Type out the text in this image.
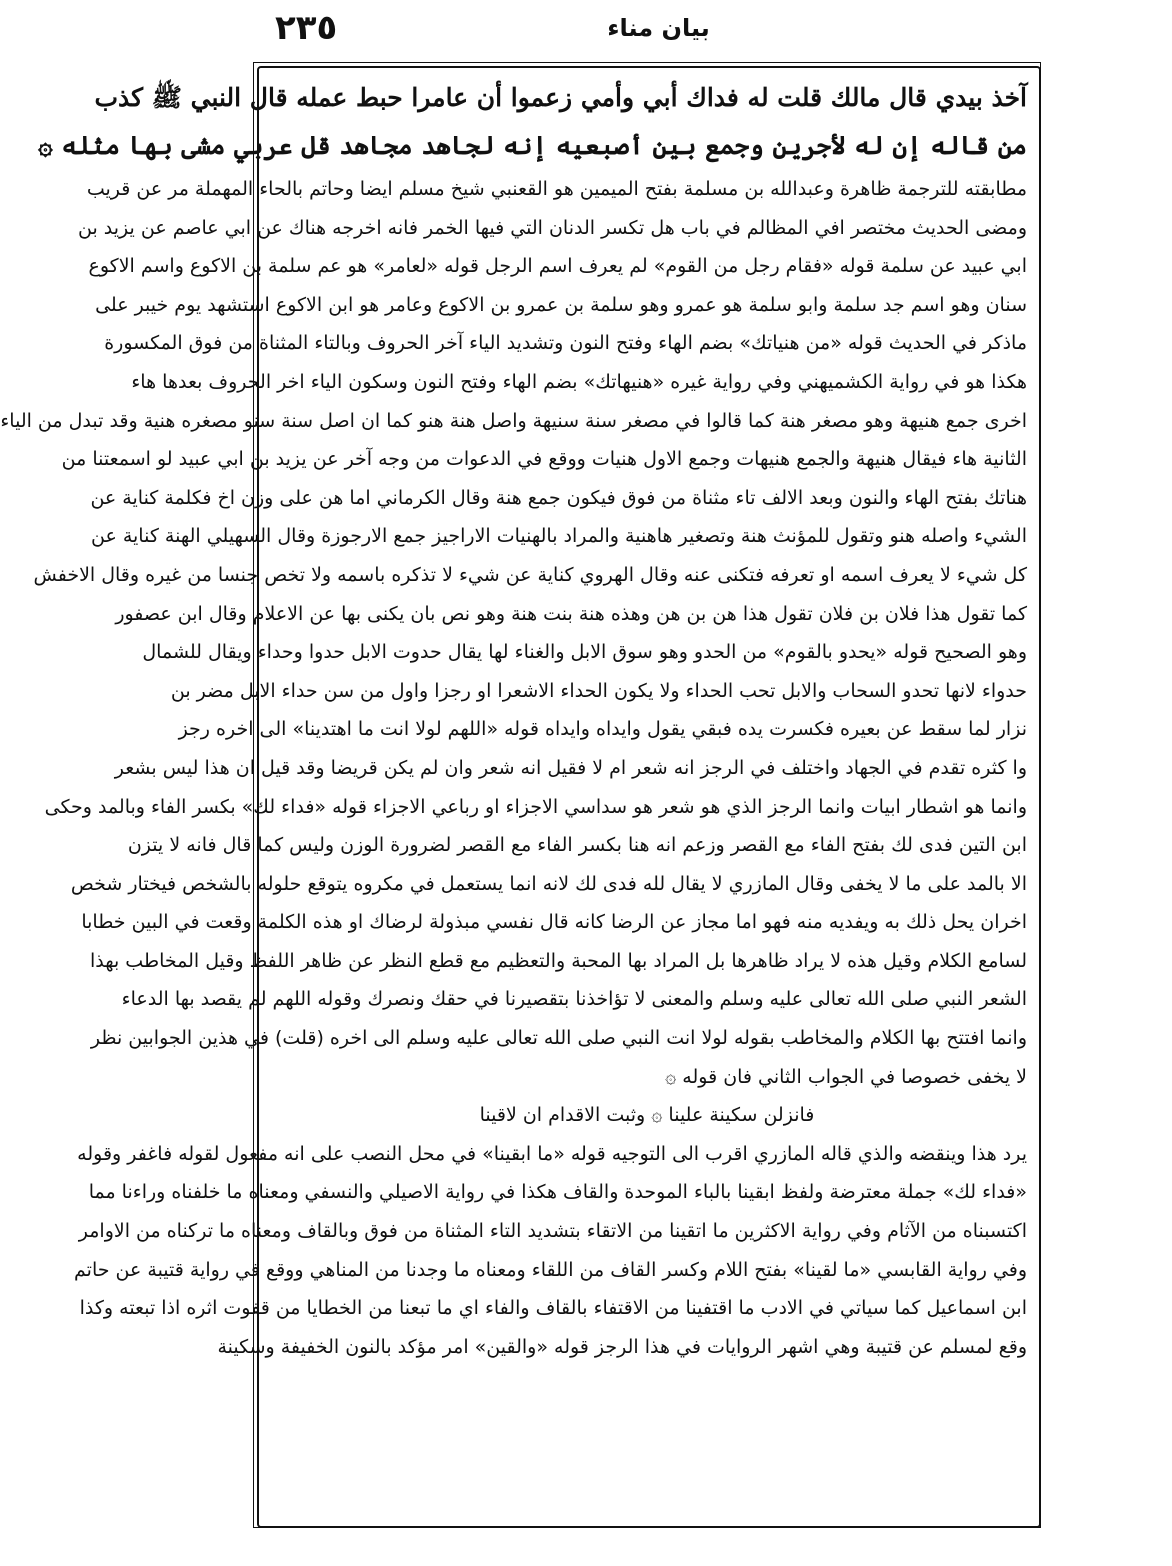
٢٣٥	بيان مناء
آخذ بيدي قال مالك قلت له فداك أبي وأمي زعموا أن عامرا حبط عمله قال النبي ﷺ كذب
من قاله إن له لأجرين وجمع بين أصبعيه إنه لجاهد مجاهد قل عربي مشى بها مثله ۞
مطابقته للترجمة ظاهرة وعبدالله بن مسلمة بفتح الميمين هو القعنبي شيخ مسلم ايضا وحاتم بالحاء المهملة مر عن قريب
ومضى الحديث مختصر افي المظالم في باب هل تكسر الدنان التي فيها الخمر فانه اخرجه هناك عن ابي عاصم عن يزيد بن
ابي عبيد عن سلمة قوله «فقام رجل من القوم» لم يعرف اسم الرجل قوله «لعامر» هو عم سلمة بن الاكوع واسم الاكوع
سنان وهو اسم جد سلمة وابو سلمة هو عمرو وهو سلمة بن عمرو بن الاكوع وعامر هو ابن الاكوع استشهد يوم خيبر على
ماذكر في الحديث قوله «من هنياتك» بضم الهاء وفتح النون وتشديد الياء آخر الحروف وبالتاء المثناة من فوق المكسورة
هكذا هو في رواية الكشميهني وفي رواية غيره «هنيهاتك» بضم الهاء وفتح النون وسكون الياء اخر الحروف بعدها هاء
اخرى جمع هنيهة وهو مصغر هنة كما قالوا في مصغر سنة سنيهة واصل هنة هنو كما ان اصل سنة سنو مصغره هنية وقد تبدل من الياء
الثانية هاء فيقال هنيهة والجمع هنيهات وجمع الاول هنيات ووقع في الدعوات من وجه آخر عن يزيد بن ابي عبيد لو اسمعتنا من
هناتك بفتح الهاء والنون وبعد الالف تاء مثناة من فوق فيكون جمع هنة وقال الكرماني اما هن على وزن اخ فكلمة كناية عن
الشيء واصله هنو وتقول للمؤنث هنة وتصغير هاهنية والمراد بالهنيات الاراجيز جمع الارجوزة وقال السهيلي الهنة كناية عن
كل شيء لا يعرف اسمه او تعرفه فتكنى عنه وقال الهروي كناية عن شيء لا تذكره باسمه ولا تخص جنسا من غيره وقال الاخفش
كما تقول هذا فلان بن فلان تقول هذا هن بن هن وهذه هنة بنت هنة وهو نص بان يكنى بها عن الاعلام وقال ابن عصفور
وهو الصحيح قوله «يحدو بالقوم» من الحدو وهو سوق الابل والغناء لها يقال حدوت الابل حدوا وحداء ويقال للشمال
حدواء لانها تحدو السحاب والابل تحب الحداء ولا يكون الحداء الاشعرا او رجزا واول من سن حداء الابل مضر بن
نزار لما سقط عن بعيره فكسرت يده فبقي يقول وايداه وايداه قوله «اللهم لولا انت ما اهتدينا» الى اخره رجز
وا كثره تقدم في الجهاد واختلف في الرجز انه شعر ام لا فقيل انه شعر وان لم يكن قريضا وقد قيل ان هذا ليس بشعر
وانما هو اشطار ابيات وانما الرجز الذي هو شعر هو سداسي الاجزاء او رباعي الاجزاء قوله «فداء لك» بكسر الفاء وبالمد وحكى
ابن التين فدى لك بفتح الفاء مع القصر وزعم انه هنا بكسر الفاء مع القصر لضرورة الوزن وليس كما قال فانه لا يتزن
الا بالمد على ما لا يخفى وقال المازري لا يقال لله فدى لك لانه انما يستعمل في مكروه يتوقع حلوله بالشخص فيختار شخص
اخران يحل ذلك به ويفديه منه فهو اما مجاز عن الرضا كانه قال نفسي مبذولة لرضاك او هذه الكلمة وقعت في البين خطابا
لسامع الكلام وقيل هذه لا يراد ظاهرها بل المراد بها المحبة والتعظيم مع قطع النظر عن ظاهر اللفظ وقيل المخاطب بهذا
الشعر النبي صلى الله تعالى عليه وسلم والمعنى لا تؤاخذنا بتقصيرنا في حقك ونصرك وقوله اللهم لم يقصد بها الدعاء
وانما افتتح بها الكلام والمخاطب بقوله لولا انت النبي صلى الله تعالى عليه وسلم الى اخره (قلت) في هذين الجوابين نظر
لا يخفى خصوصا في الجواب الثاني فان قوله ۞
فانزلن سكينة علينا ۞ وثبت الاقدام ان لاقينا
يرد هذا وينقضه والذي قاله المازري اقرب الى التوجيه قوله «ما ابقينا» في محل النصب على انه مفعول لقوله فاغفر وقوله
«فداء لك» جملة معترضة ولفظ ابقينا بالباء الموحدة والقاف هكذا في رواية الاصيلي والنسفي ومعناه ما خلفناه وراءنا مما
اكتسبناه من الآثام وفي رواية الاكثرين ما اتقينا من الاتقاء بتشديد التاء المثناة من فوق وبالقاف ومعناه ما تركناه من الاوامر
وفي رواية القابسي «ما لقينا» بفتح اللام وكسر القاف من اللقاء ومعناه ما وجدنا من المناهي ووقع في رواية قتيبة عن حاتم
ابن اسماعيل كما سياتي في الادب ما اقتفينا من الاقتفاء بالقاف والفاء اي ما تبعنا من الخطايا من قفوت اثره اذا تبعته وكذا
وقع لمسلم عن قتيبة وهي اشهر الروايات في هذا الرجز قوله «والقين» امر مؤكد بالنون الخفيفة وسكينة
